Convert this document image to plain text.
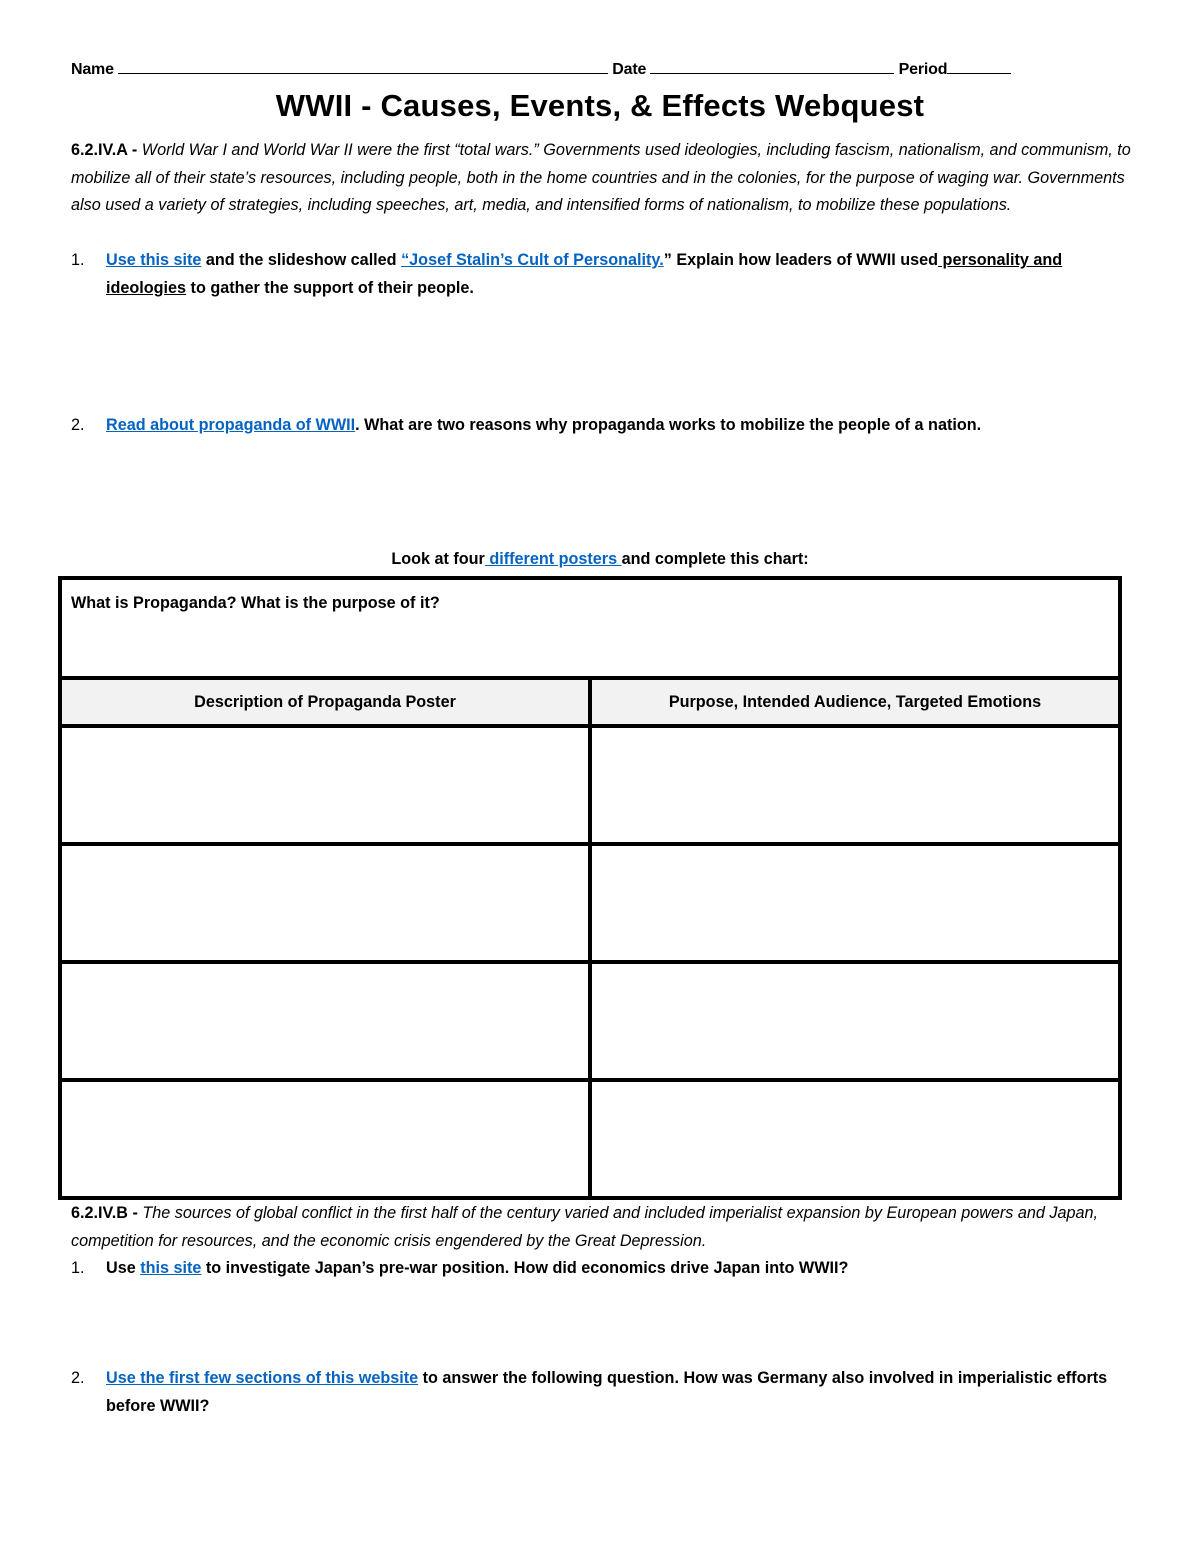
Name	Date	Period
WWII - Causes, Events, & Effects Webquest
6.2.IV.A - World War I and World War II were the first “total wars.” Governments used ideologies, including fascism, nationalism, and communism, to mobilize all of their state’s resources, including people, both in the home countries and in the colonies, for the purpose of waging war. Governments also used a variety of strategies, including speeches, art, media, and intensified forms of nationalism, to mobilize these populations.
1.	Use this site and the slideshow called “Josef Stalin’s Cult of Personality.” Explain how leaders of WWII used personality and ideologies to gather the support of their people.
2.	Read about propaganda of WWII. What are two reasons why propaganda works to mobilize the people of a nation.
Look at four different posters and complete this chart:
What is Propaganda? What is the purpose of it?	
Description of Propaganda Poster	Purpose, Intended Audience, Targeted Emotions

6.2.IV.B - The sources of global conflict in the first half of the century varied and included imperialist expansion by European powers and Japan, competition for resources, and the economic crisis engendered by the Great Depression.
1.	Use this site to investigate Japan’s pre-war position. How did economics drive Japan into WWII?
2.	Use the first few sections of this website to answer the following question. How was Germany also involved in imperialistic efforts before WWII?
